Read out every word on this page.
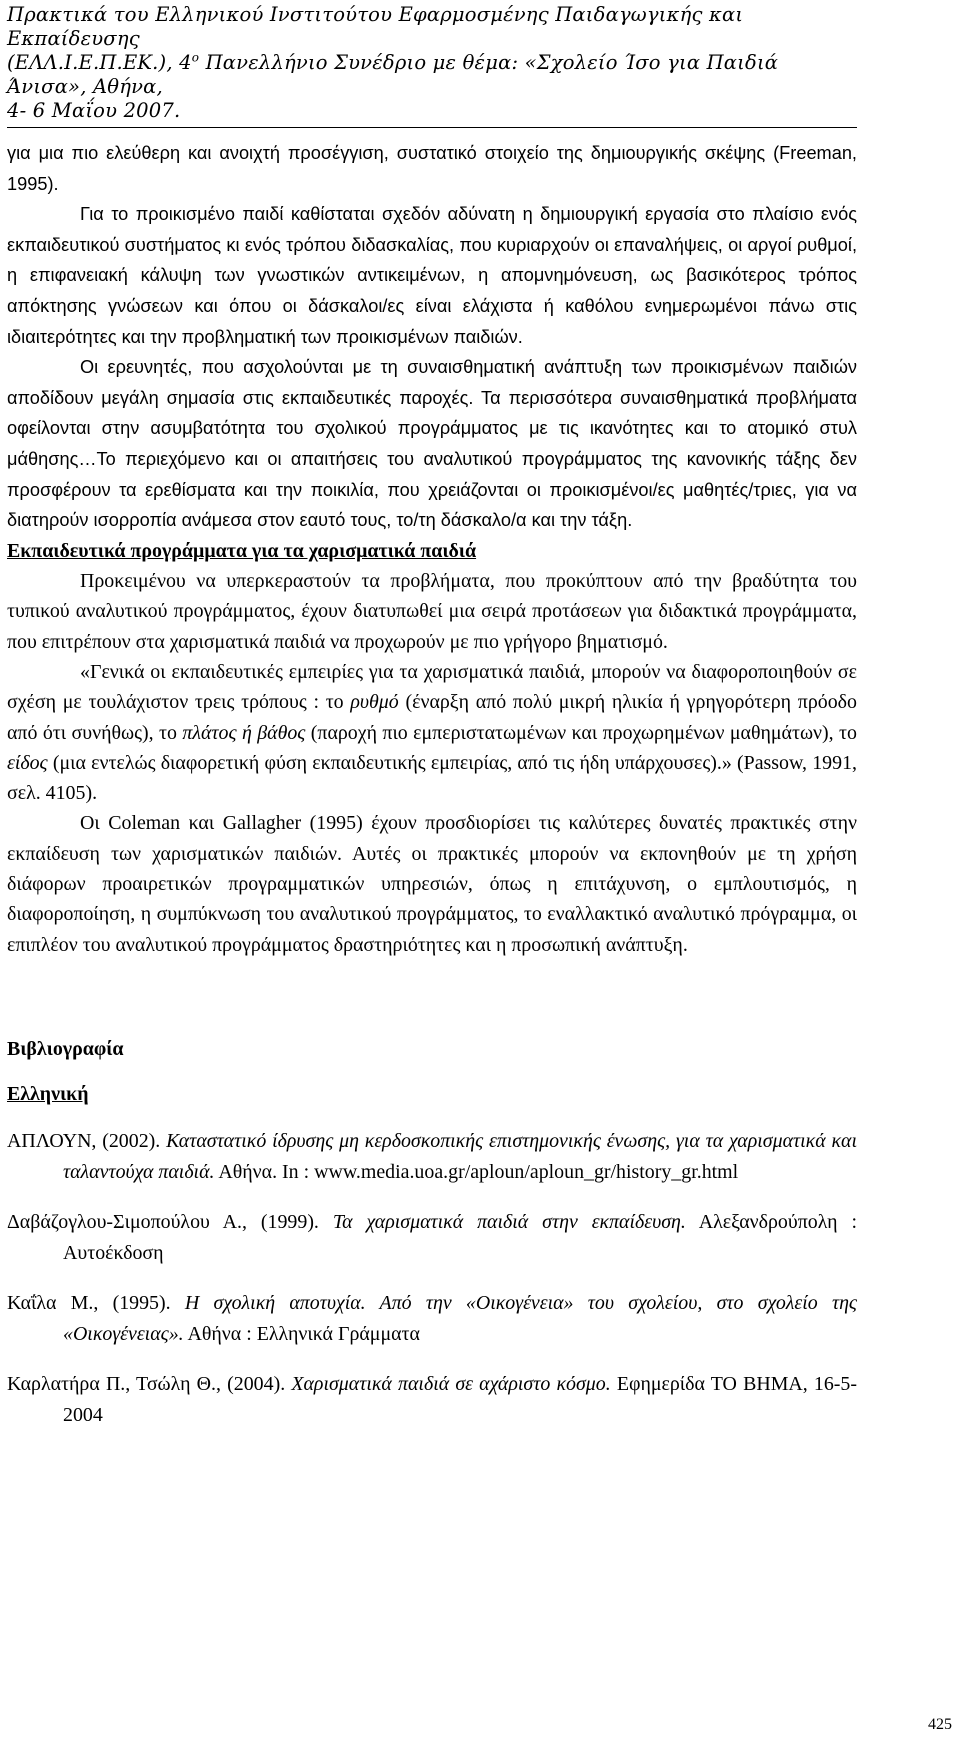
Πρακτικά του Ελληνικού Ινστιτούτου Εφαρμοσμένης Παιδαγωγικής και Εκπαίδευσης
(ΕΛΛ.Ι.Ε.Π.ΕΚ.), $4^o$ Πανελλήνιο Συνέδριο με θέμα: «Σχολείο Ίσο για Παιδιά Άνισα», Αθήνα,
4- 6 Μαΐου 2007.

για μια πιο ελεύθερη και ανοιχτή προσέγγιση, συστατικό στοιχείο της δημιουργικής σκέψης (Freeman, 1995).

Για το προικισμένο παιδί καθίσταται σχεδόν αδύνατη η δημιουργική εργασία στο πλαίσιο ενός εκπαιδευτικού συστήματος κι ενός τρόπου διδασκαλίας, που κυριαρχούν οι επαναλήψεις, οι αργοί ρυθμοί, η επιφανειακή κάλυψη των γνωστικών αντικειμένων, η απομνημόνευση, ως βασικότερος τρόπος απόκτησης γνώσεων και όπου οι δάσκαλοι/ες είναι ελάχιστα ή καθόλου ενημερωμένοι πάνω στις ιδιαιτερότητες και την προβληματική των προικισμένων παιδιών.

Οι ερευνητές, που ασχολούνται με τη συναισθηματική ανάπτυξη των προικισμένων παιδιών αποδίδουν μεγάλη σημασία στις εκπαιδευτικές παροχές. Τα περισσότερα συναισθηματικά προβλήματα οφείλονται στην ασυμβατότητα του σχολικού προγράμματος με τις ικανότητες και το ατομικό στυλ μάθησης…Το περιεχόμενο και οι απαιτήσεις του αναλυτικού προγράμματος της κανονικής τάξης δεν προσφέρουν τα ερεθίσματα και την ποικιλία, που χρειάζονται οι προικισμένοι/ες μαθητές/τριες, για να διατηρούν ισορροπία ανάμεσα στον εαυτό τους, το/τη δάσκαλο/α και την τάξη.

Εκπαιδευτικά προγράμματα για τα χαρισματικά παιδιά

Προκειμένου να υπερκεραστούν τα προβλήματα, που προκύπτουν από την βραδύτητα του τυπικού αναλυτικού προγράμματος, έχουν διατυπωθεί μια σειρά προτάσεων για διδακτικά προγράμματα, που επιτρέπουν στα χαρισματικά παιδιά να προχωρούν με πιο γρήγορο βηματισμό.

«Γενικά οι εκπαιδευτικές εμπειρίες για τα χαρισματικά παιδιά, μπορούν να διαφοροποιηθούν σε σχέση με τουλάχιστον τρεις τρόπους : το ρυθμό (έναρξη από πολύ μικρή ηλικία ή γρηγορότερη πρόοδο από ότι συνήθως), το πλάτος ή βάθος (παροχή πιο εμπεριστατωμένων και προχωρημένων μαθημάτων), το είδος (μια εντελώς διαφορετική φύση εκπαιδευτικής εμπειρίας, από τις ήδη υπάρχουσες).» (Passow, 1991, σελ. 4105).

Οι Coleman και Gallagher (1995) έχουν προσδιορίσει τις καλύτερες δυνατές πρακτικές στην εκπαίδευση των χαρισματικών παιδιών. Αυτές οι πρακτικές μπορούν να εκπονηθούν με τη χρήση διάφορων προαιρετικών προγραμματικών υπηρεσιών, όπως η επιτάχυνση, ο εμπλουτισμός, η διαφοροποίηση, η συμπύκνωση του αναλυτικού προγράμματος, το εναλλακτικό αναλυτικό πρόγραμμα, οι επιπλέον του αναλυτικού προγράμματος δραστηριότητες και η προσωπική ανάπτυξη.

Βιβλιογραφία
Ελληνική
ΑΠΛΟΥΝ, (2002). Καταστατικό ίδρυσης μη κερδοσκοπικής επιστημονικής ένωσης, για τα χαρισματικά και ταλαντούχα παιδιά. Αθήνα. In : www.media.uoa.gr/aploun/aploun_gr/history_gr.html
Δαβάζογλου-Σιμοπούλου Α., (1999). Τα χαρισματικά παιδιά στην εκπαίδευση. Αλεξανδρούπολη : Αυτοέκδοση
Καΐλα Μ., (1995). Η σχολική αποτυχία. Από την «Οικογένεια» του σχολείου, στο σχολείο της «Οικογένειας». Αθήνα : Ελληνικά Γράμματα
Καρλατήρα Π., Τσώλη Θ., (2004). Χαρισματικά παιδιά σε αχάριστο κόσμο. Εφημερίδα ΤΟ ΒΗΜΑ, 16-5-2004
425
